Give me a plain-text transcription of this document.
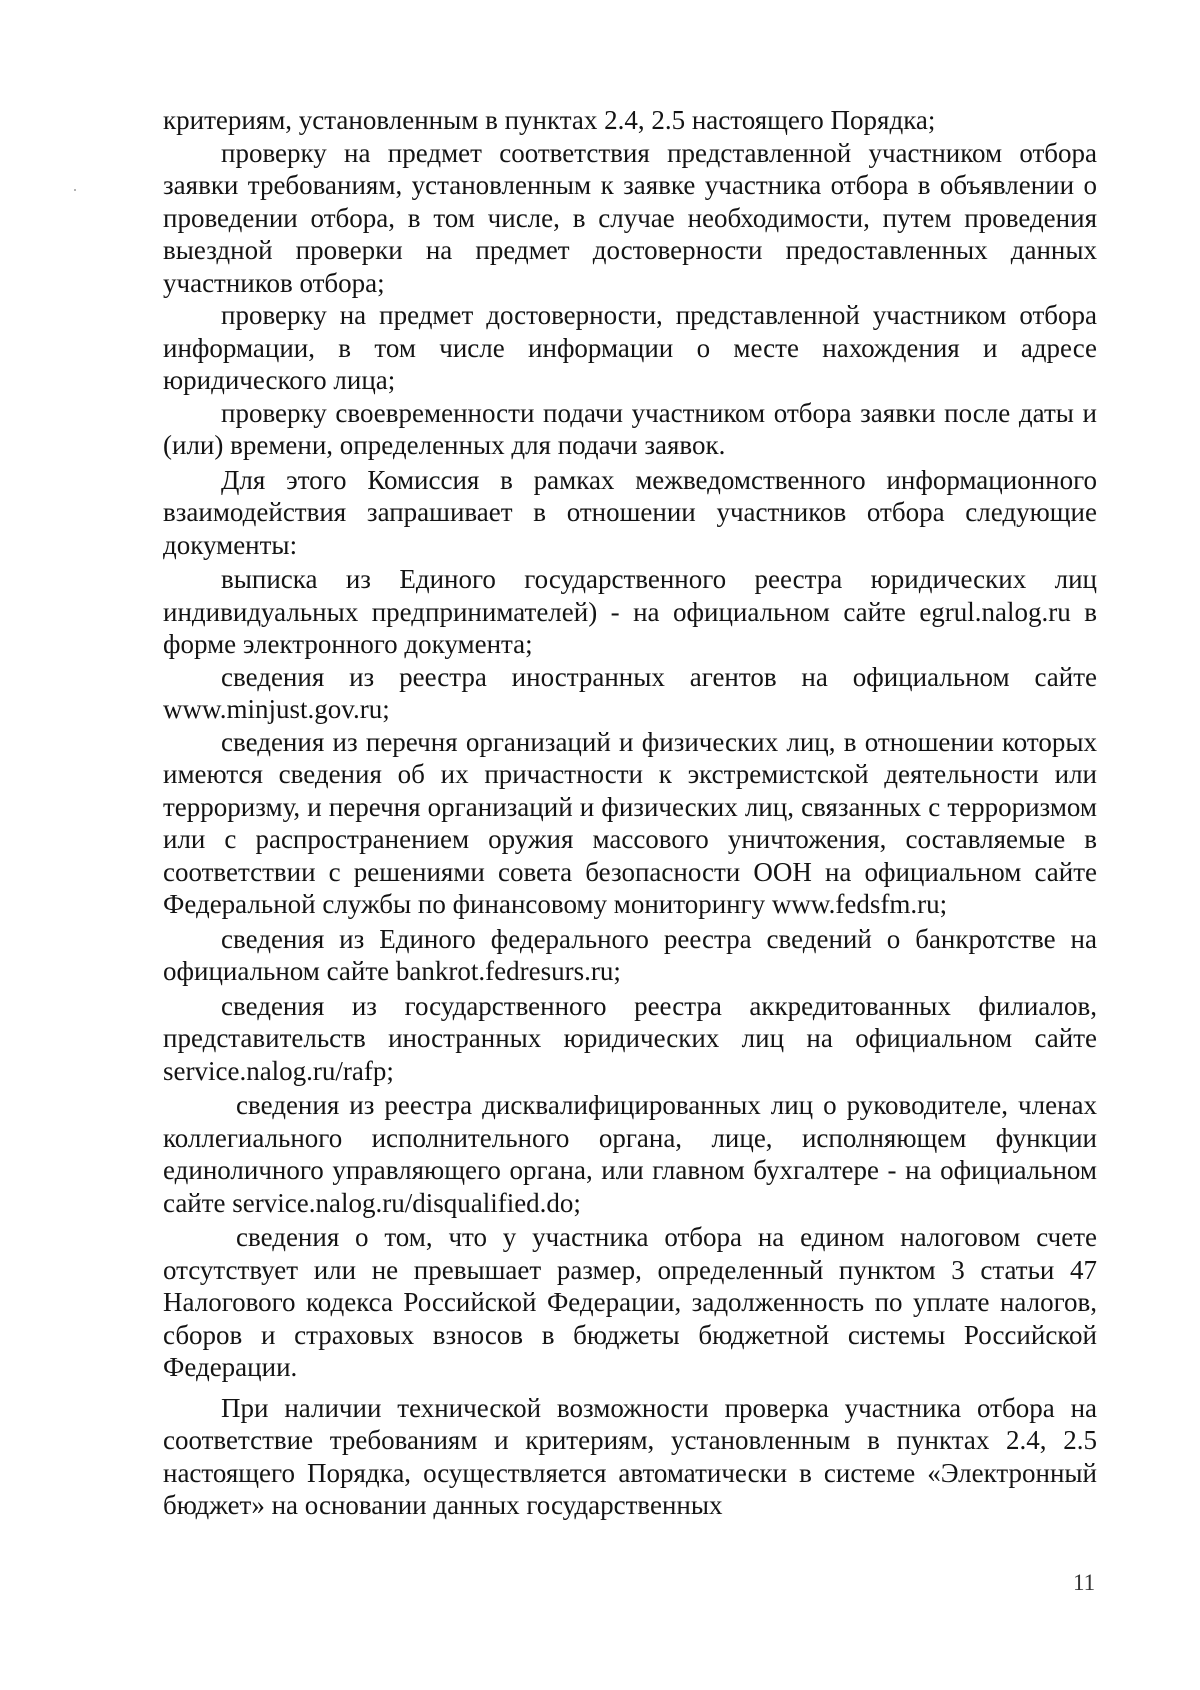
критериям, установленным в пунктах 2.4, 2.5 настоящего Порядка;

проверку на предмет соответствия представленной участником отбора заявки требованиям, установленным к заявке участника отбора в объявлении о проведении отбора, в том числе, в случае необходимости, путем проведения выездной проверки на предмет достоверности предоставленных данных участников отбора;

проверку на предмет достоверности, представленной участником отбора информации, в том числе информации о месте нахождения и адресе юридического лица;

проверку своевременности подачи участником отбора заявки после даты и (или) времени, определенных для подачи заявок.

Для этого Комиссия в рамках межведомственного информационного взаимодействия запрашивает в отношении участников отбора следующие документы:

выписка из Единого государственного реестра юридических лиц индивидуальных предпринимателей) - на официальном сайте egrul.nalog.ru в форме электронного документа;

сведения из реестра иностранных агентов на официальном сайте www.minjust.gov.ru;

сведения из перечня организаций и физических лиц, в отношении которых имеются сведения об их причастности к экстремистской деятельности или терроризму, и перечня организаций и физических лиц, связанных с терроризмом или с распространением оружия массового уничтожения, составляемые в соответствии с решениями совета безопасности ООН на официальном сайте Федеральной службы по финансовому мониторингу www.fedsfm.ru;

сведения из Единого федерального реестра сведений о банкротстве на официальном сайте bankrot.fedresurs.ru;

сведения из государственного реестра аккредитованных филиалов, представительств иностранных юридических лиц на официальном сайте service.nalog.ru/rafp;

сведения из реестра дисквалифицированных лиц о руководителе, членах коллегиального исполнительного органа, лице, исполняющем функции единоличного управляющего органа, или главном бухгалтере - на официальном сайте service.nalog.ru/disqualified.do;

сведения о том, что у участника отбора на едином налоговом счете отсутствует или не превышает размер, определенный пунктом 3 статьи 47 Налогового кодекса Российской Федерации, задолженность по уплате налогов, сборов и страховых взносов в бюджеты бюджетной системы Российской Федерации.

При наличии технической возможности проверка участника отбора на соответствие требованиям и критериям, установленным в пунктах 2.4, 2.5 настоящего Порядка, осуществляется автоматически в системе «Электронный бюджет» на основании данных государственных

11
